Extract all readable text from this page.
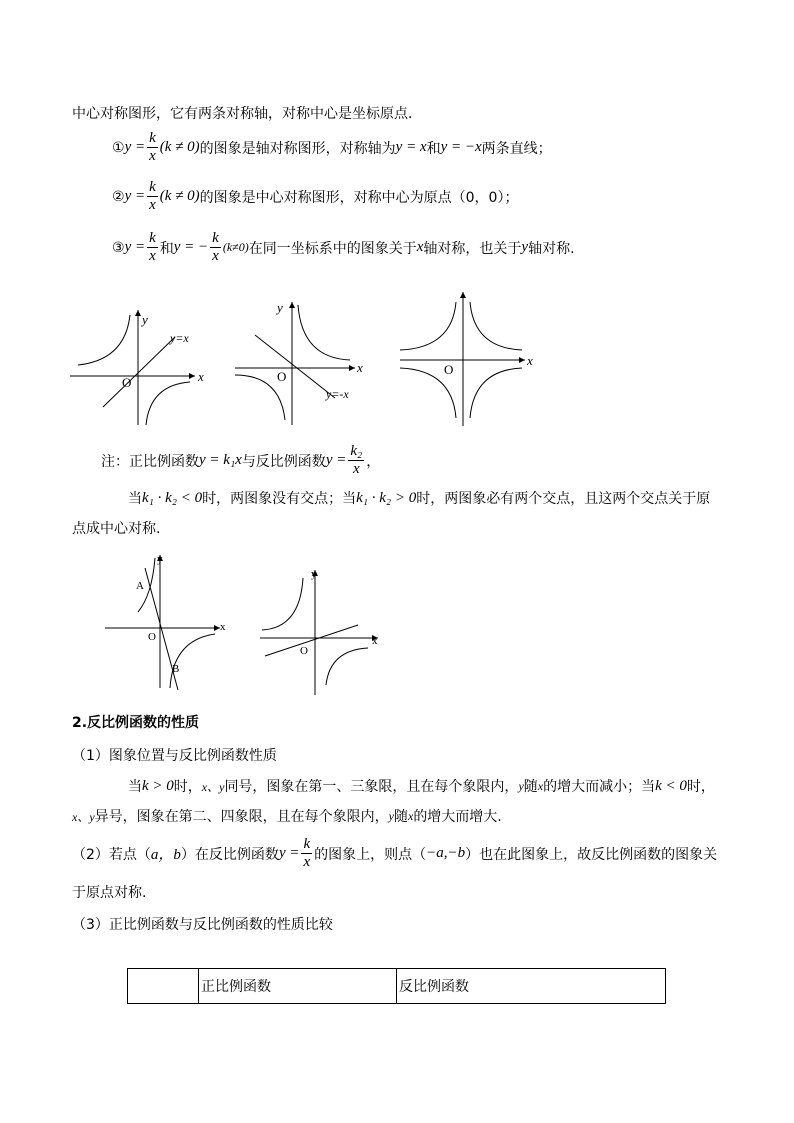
中心对称图形，它有两条对称轴，对称中心是坐标原点．
① $y = \frac{k}{x} (k \ne 0)$ 的图象是轴对称图形，对称轴为 y = x 和 y = −x 两条直线；
② $y = \frac{k}{x} (k \ne 0)$ 的图象是中心对称图形，对称中心为原点（0，0）；
③ $y = \frac{k}{x}$ 和 y = − $\frac{k}{x} (k\ne 0)$ 在同一坐标系中的图象关于 x 轴对称，也关于 y 轴对称.
y
x
y=x
O
y
x
y=-x
O
x
O
注：正比例函数 y = k₁x 与反比例函数 $y = \frac{\text{k₂}}{x}$ ，
当 k₁ · k₂ < 0 时，两图象没有交点；当 k₁ · k₂ > 0 时，两图象必有两个交点，且这两个交点关于原
点成中心对称.
y
x
O
A
B
y
x
O
2.反比例函数的性质
（1）图象位置与反比例函数性质
当 k > 0 时， x、y 同号，图象在第一、三象限，且在每个象限内， y 随 x 的增大而减小；当 k < 0 时，
x、y 异号，图象在第二、四象限，且在每个象限内， y 随 x 的增大而增大.
（2）若点（ a，b ）在反比例函数 $y = \frac{k}{x}$ 的图象上，则点（ −a,−b ）也在此图象上，故反比例函数的图象关
于原点对称.
（3）正比例函数与反比例函数的性质比较
	正比例函数	反比例函数
